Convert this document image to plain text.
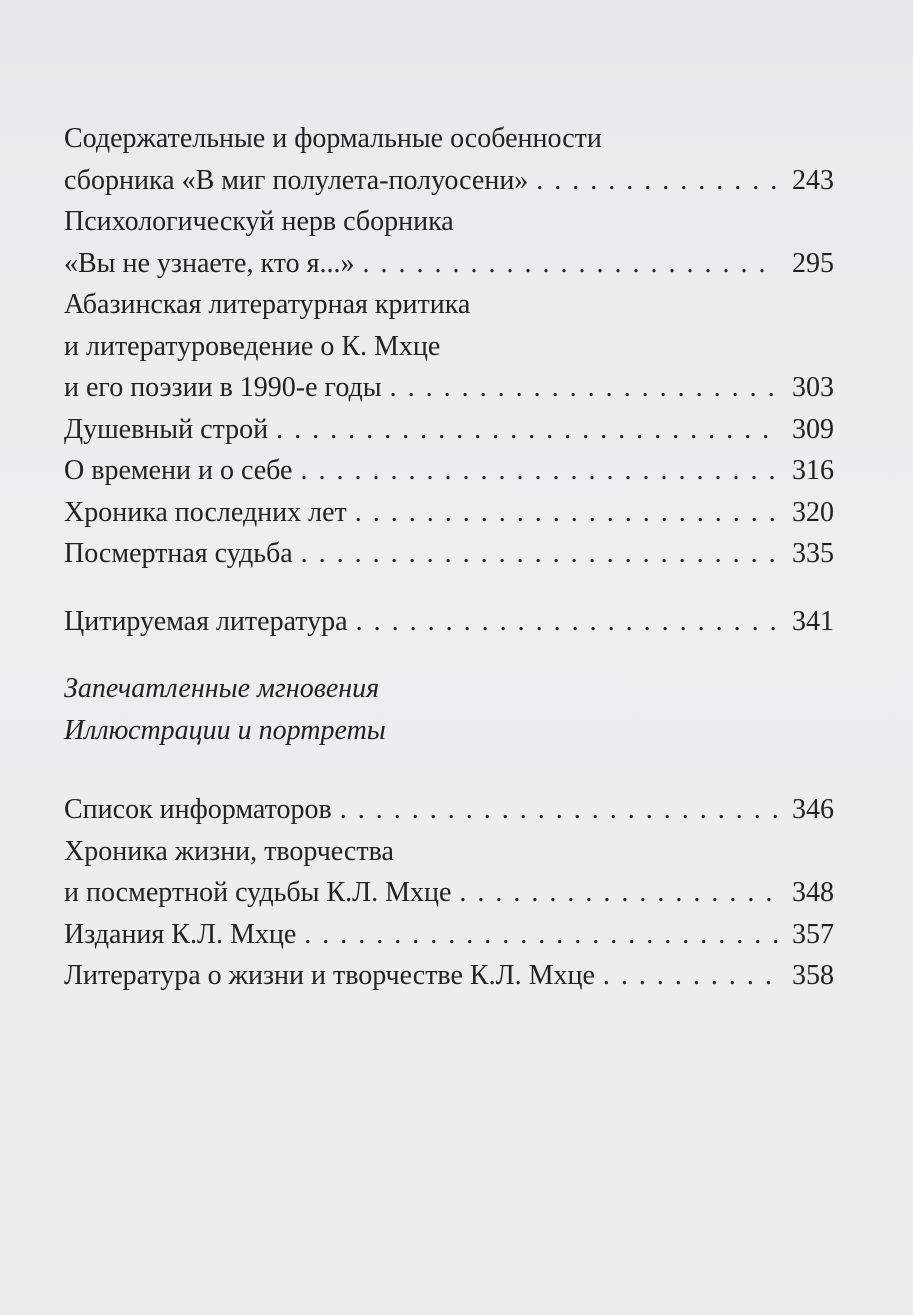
Содержательные и формальные особенности
сборника «В миг полулета-полуосени» . . .	243
Психологическуй нерв сборника
«Вы не узнаете, кто я...» . . .	295
Абазинская литературная критика
и литературоведение о К. Мхце
и его поэзии в 1990-е годы . . .	303
Душевный строй . . .	309
О времени и о себе . . .	316
Хроника последних лет . . .	320
Посмертная судьба . . .	335
Цитируемая литература . . .	341
Запечатленные мгновения
Иллюстрации и портреты
Список информаторов . . .	346
Хроника жизни, творчества
и посмертной судьбы К.Л. Мхце . . .	348
Издания К.Л. Мхце . . .	357
Литература о жизни и творчестве К.Л. Мхце . . .	358
